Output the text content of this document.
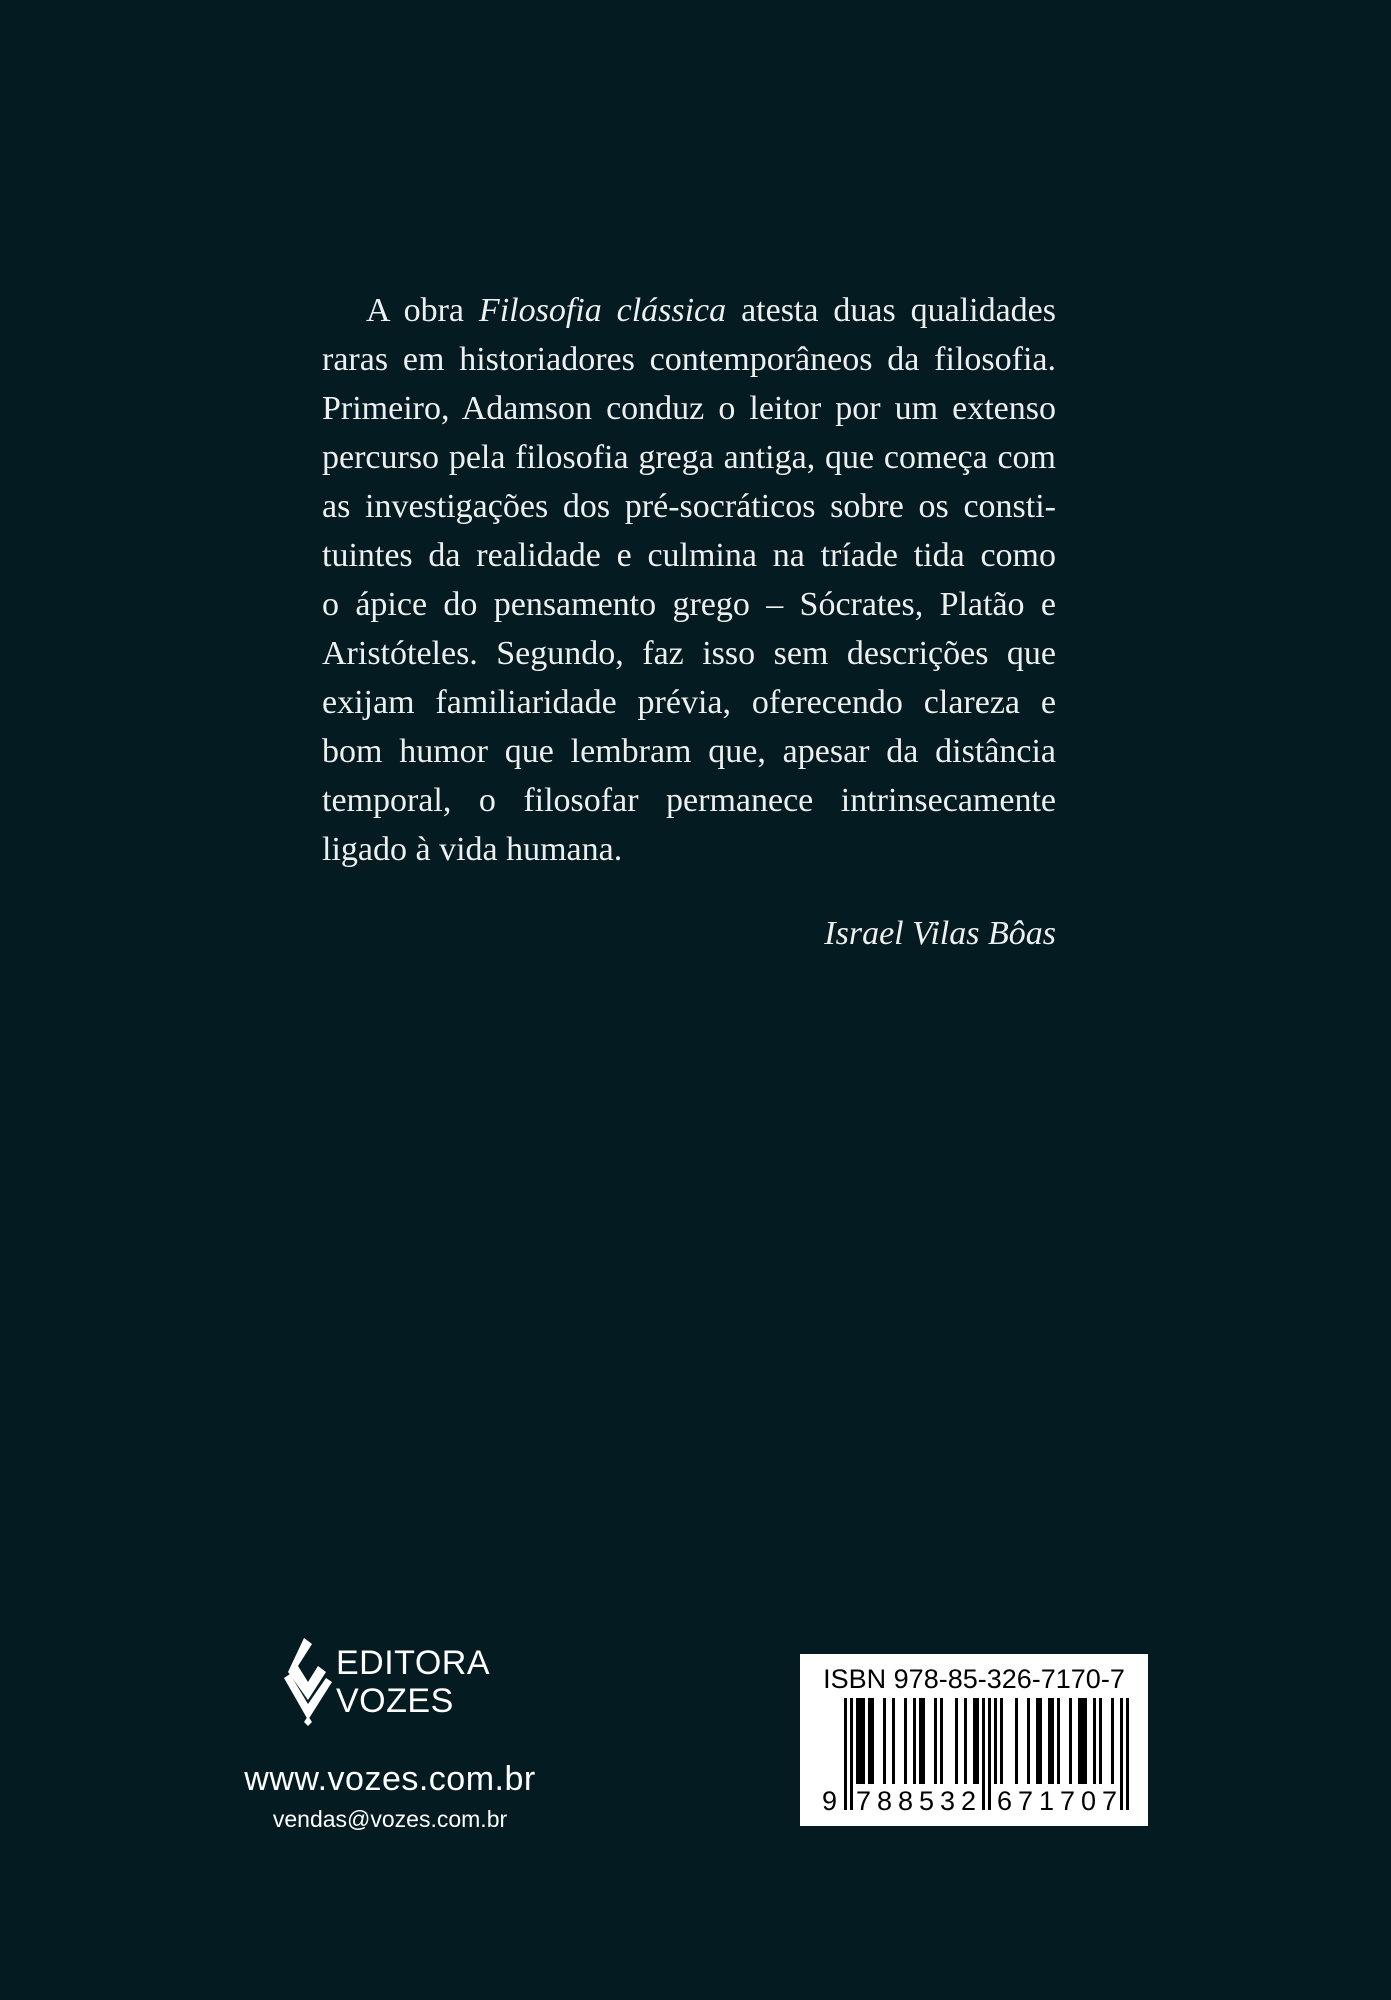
A obra Filosofia clássica atesta duas qualidades
raras em historiadores contemporâneos da filosofia.
Primeiro, Adamson conduz o leitor por um extenso
percurso pela filosofia grega antiga, que começa com
as investigações dos pré-socráticos sobre os consti-
tuintes da realidade e culmina na tríade tida como
o ápice do pensamento grego – Sócrates, Platão e
Aristóteles. Segundo, faz isso sem descrições que
exijam familiaridade prévia, oferecendo clareza e
bom humor que lembram que, apesar da distância
temporal, o filosofar permanece intrinsecamente
ligado à vida humana.
Israel Vilas Bôas
EDITORA
VOZES
www.vozes.com.br
vendas@vozes.com.br
ISBN 978-85-326-7170-7
9 7 8 8 5 3 2 6 7 1 7 0 7
